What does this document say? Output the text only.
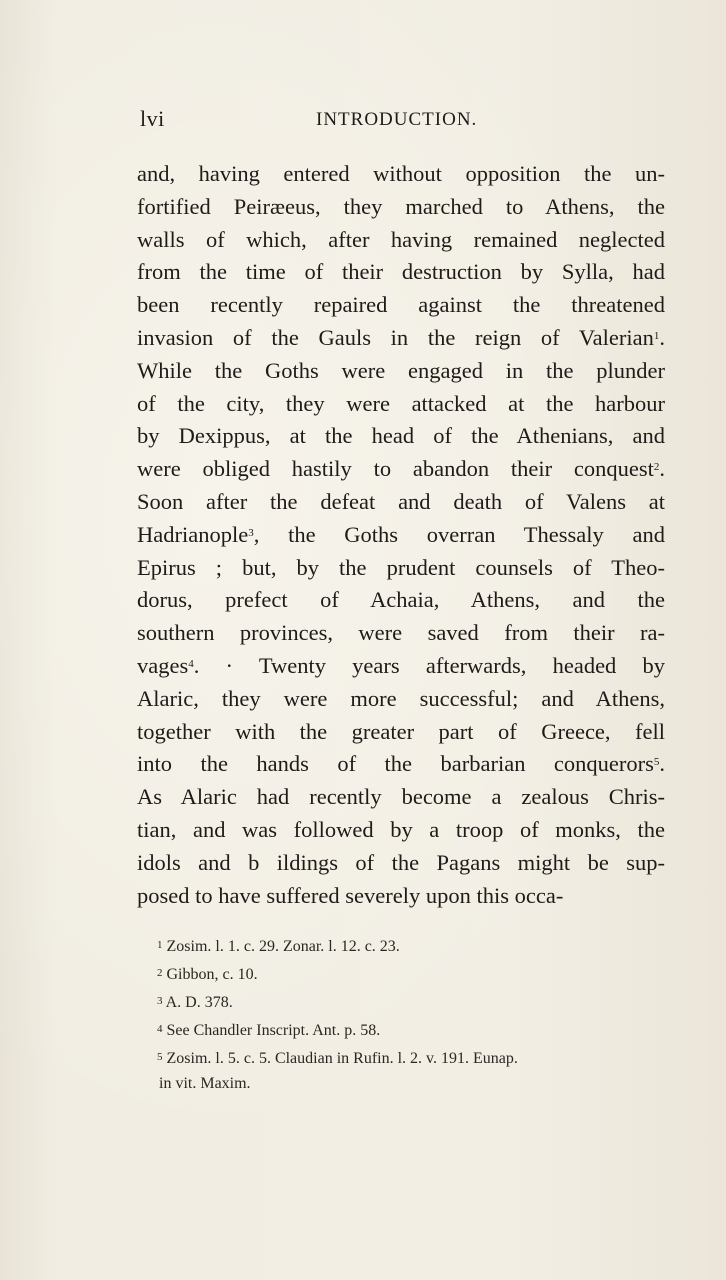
lvi	INTRODUCTION.
and, having entered without opposition the un-
fortified Peiræeus, they marched to Athens, the
walls of which, after having remained neglected
from the time of their destruction by Sylla, had
been recently repaired against the threatened
invasion of the Gauls in the reign of Valerian$^1$.
While the Goths were engaged in the plunder
of the city, they were attacked at the harbour
by Dexippus, at the head of the Athenians, and
were obliged hastily to abandon their conquest$^2$.
Soon after the defeat and death of Valens at
Hadrianople$^3$, the Goths overran Thessaly and
Epirus ; but, by the prudent counsels of Theo-
dorus, prefect of Achaia, Athens, and the
southern provinces, were saved from their ra-
vages$^4$. · Twenty years afterwards, headed by
Alaric, they were more successful; and Athens,
together with the greater part of Greece, fell
into the hands of the barbarian conquerors$^5$.
As Alaric had recently become a zealous Chris-
tian, and was followed by a troop of monks, the
idols and b ildings of the Pagans might be sup-
posed to have suffered severely upon this occa-
$^1$ Zosim. l. 1. c. 29. Zonar. l. 12. c. 23.
$^2$ Gibbon, c. 10.
$^3$ A. D. 378.
$^4$ See Chandler Inscript. Ant. p. 58.
$^5$ Zosim. l. 5. c. 5. Claudian in Rufin. l. 2. v. 191. Eunap.
in vit. Maxim.
